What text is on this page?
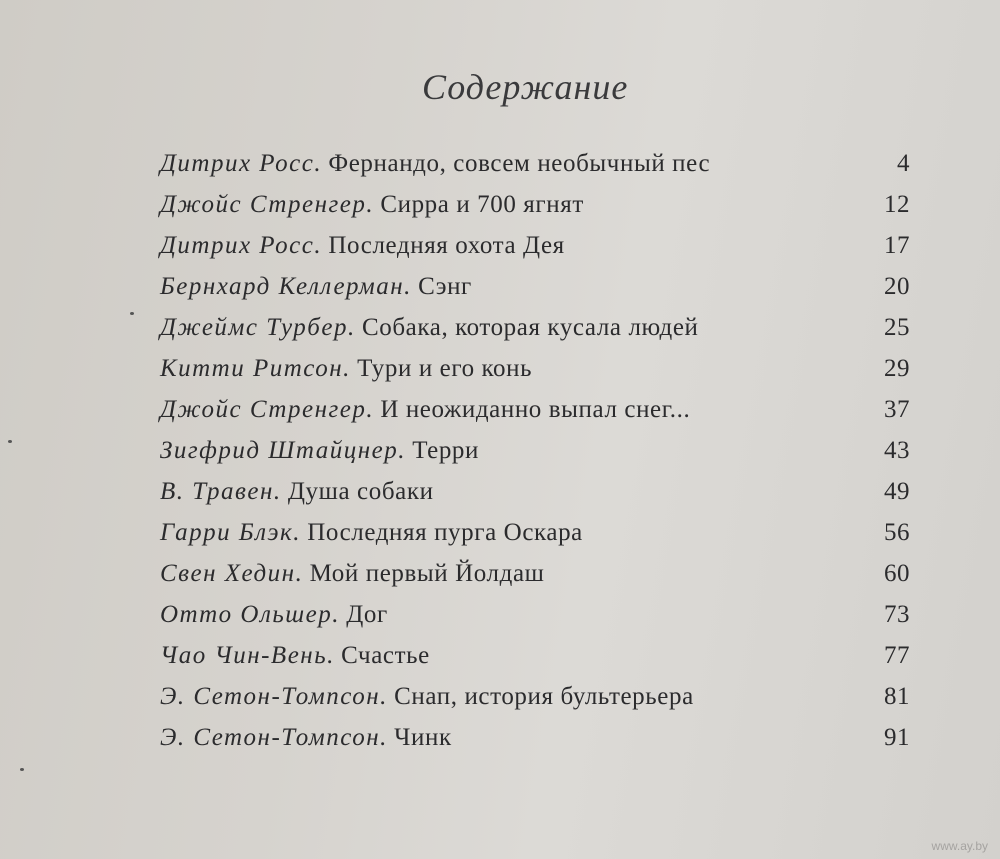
Содержание
Дитрих Росс. Фернандо, совсем необычный пес	4
Джойс Стренгер. Сирра и 700 ягнят	12
Дитрих Росс. Последняя охота Дея	17
Бернхард Келлерман. Сэнг	20
Джеймс Турбер. Собака, которая кусала людей	25
Китти Ритсон. Тури и его конь	29
Джойс Стренгер. И неожиданно выпал снег...	37
Зигфрид Штайцнер. Терри	43
В. Травен. Душа собаки	49
Гарри Блэк. Последняя пурга Оскара	56
Свен Хедин. Мой первый Йолдаш	60
Отто Ольшер. Дог	73
Чао Чин-Вень. Счастье	77
Э. Сетон-Томпсон. Снап, история бультерьера	81
Э. Сетон-Томпсон. Чинк	91
www.ay.by
